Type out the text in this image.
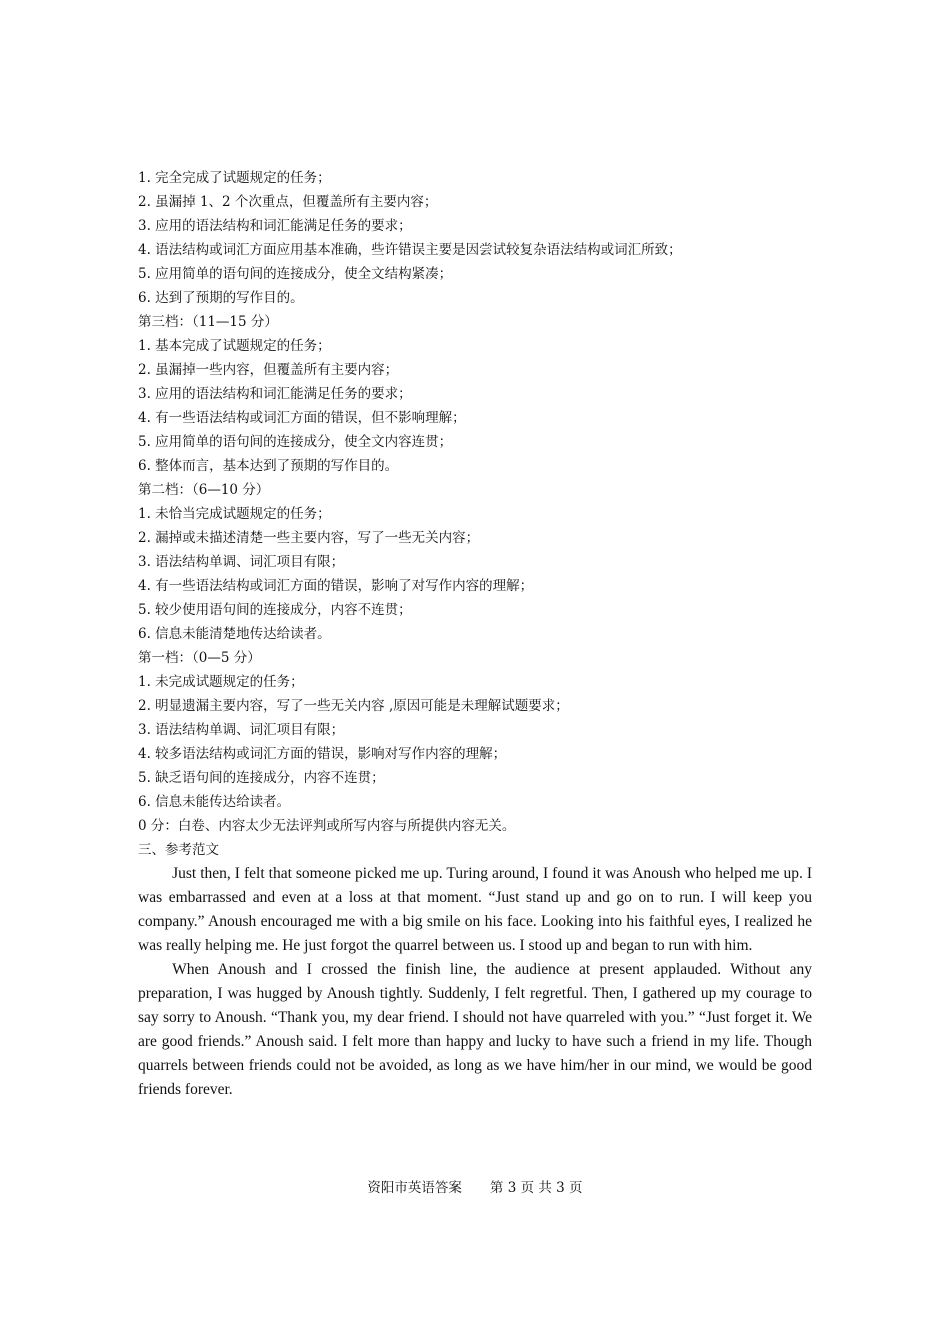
1. 完全完成了试题规定的任务；
2. 虽漏掉 1、2 个次重点，但覆盖所有主要内容；
3. 应用的语法结构和词汇能满足任务的要求；
4. 语法结构或词汇方面应用基本准确，些许错误主要是因尝试较复杂语法结构或词汇所致；
5. 应用简单的语句间的连接成分，使全文结构紧凑；
6. 达到了预期的写作目的。
第三档：（11—15 分）
1. 基本完成了试题规定的任务；
2. 虽漏掉一些内容，但覆盖所有主要内容；
3. 应用的语法结构和词汇能满足任务的要求；
4. 有一些语法结构或词汇方面的错误，但不影响理解；
5. 应用简单的语句间的连接成分，使全文内容连贯；
6. 整体而言，基本达到了预期的写作目的。
第二档：（6—10 分）
1. 未恰当完成试题规定的任务；
2. 漏掉或未描述清楚一些主要内容，写了一些无关内容；
3. 语法结构单调、词汇项目有限；
4. 有一些语法结构或词汇方面的错误，影响了对写作内容的理解；
5. 较少使用语句间的连接成分，内容不连贯；
6. 信息未能清楚地传达给读者。
第一档：（0—5 分）
1. 未完成试题规定的任务；
2. 明显遗漏主要内容，写了一些无关内容 ,原因可能是未理解试题要求；
3. 语法结构单调、词汇项目有限；
4. 较多语法结构或词汇方面的错误，影响对写作内容的理解；
5. 缺乏语句间的连接成分，内容不连贯；
6. 信息未能传达给读者。
0 分：白卷、内容太少无法评判或所写内容与所提供内容无关。
三、参考范文

Just then, I felt that someone picked me up. Turing around, I found it was Anoush who helped me up. I was embarrassed and even at a loss at that moment. “Just stand up and go on to run. I will keep you company.” Anoush encouraged me with a big smile on his face. Looking into his faithful eyes, I realized he was really helping me. He just forgot the quarrel between us. I stood up and began to run with him.

When Anoush and I crossed the finish line, the audience at present applauded. Without any preparation, I was hugged by Anoush tightly. Suddenly, I felt regretful. Then, I gathered up my courage to say sorry to Anoush. “Thank you, my dear friend. I should not have quarreled with you.” “Just forget it. We are good friends.” Anoush said. I felt more than happy and lucky to have such a friend in my life. Though quarrels between friends could not be avoided, as long as we have him/her in our mind, we would be good friends forever.

资阳市英语答案 第 3 页 共 3 页
